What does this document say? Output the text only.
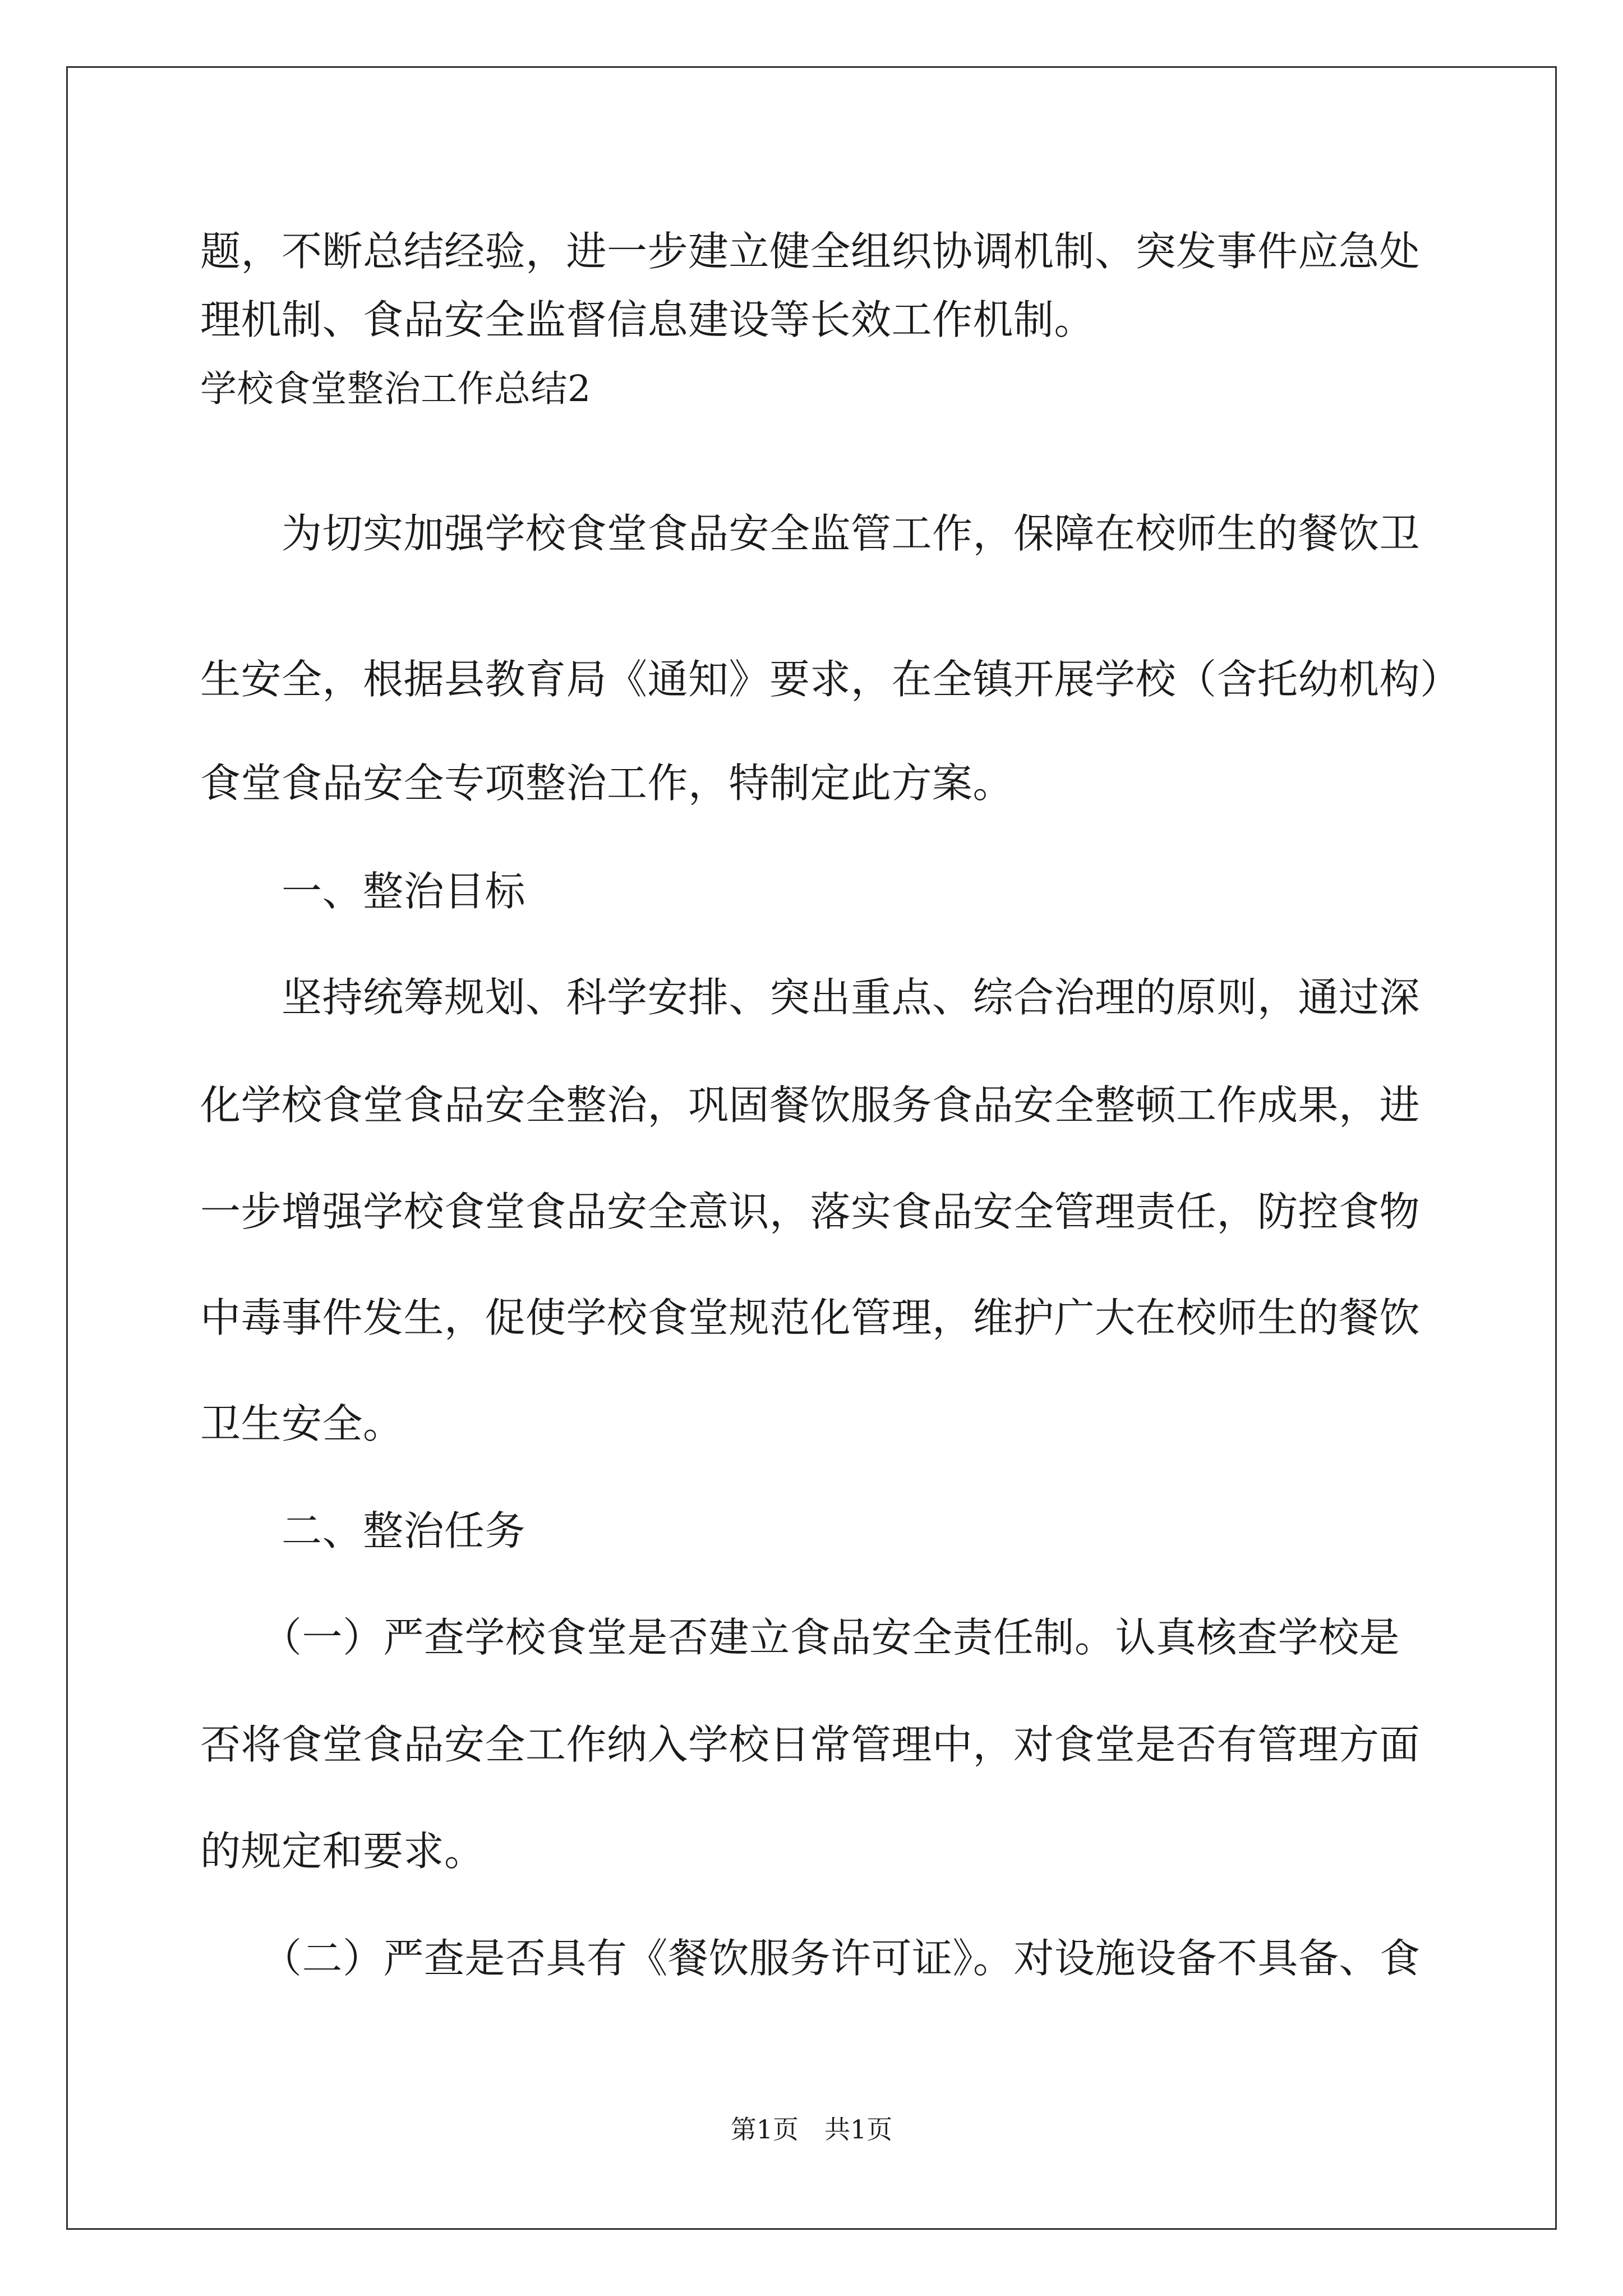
题，不断总结经验，进一步建立健全组织协调机制、突发事件应急处
理机制、食品安全监督信息建设等长效工作机制。
学校食堂整治工作总结2
　　为切实加强学校食堂食品安全监管工作，保障在校师生的餐饮卫
生安全，根据县教育局《通知》要求，在全镇开展学校（含托幼机构）
食堂食品安全专项整治工作，特制定此方案。
　　一、整治目标
　　坚持统筹规划、科学安排、突出重点、综合治理的原则，通过深
化学校食堂食品安全整治，巩固餐饮服务食品安全整顿工作成果，进
一步增强学校食堂食品安全意识，落实食品安全管理责任，防控食物
中毒事件发生，促使学校食堂规范化管理，维护广大在校师生的餐饮
卫生安全。
　　二、整治任务
　　（一）严查学校食堂是否建立食品安全责任制。认真核查学校是
否将食堂食品安全工作纳入学校日常管理中，对食堂是否有管理方面
的规定和要求。
　　（二）严查是否具有《餐饮服务许可证》。对设施设备不具备、食
第1页　共1页
